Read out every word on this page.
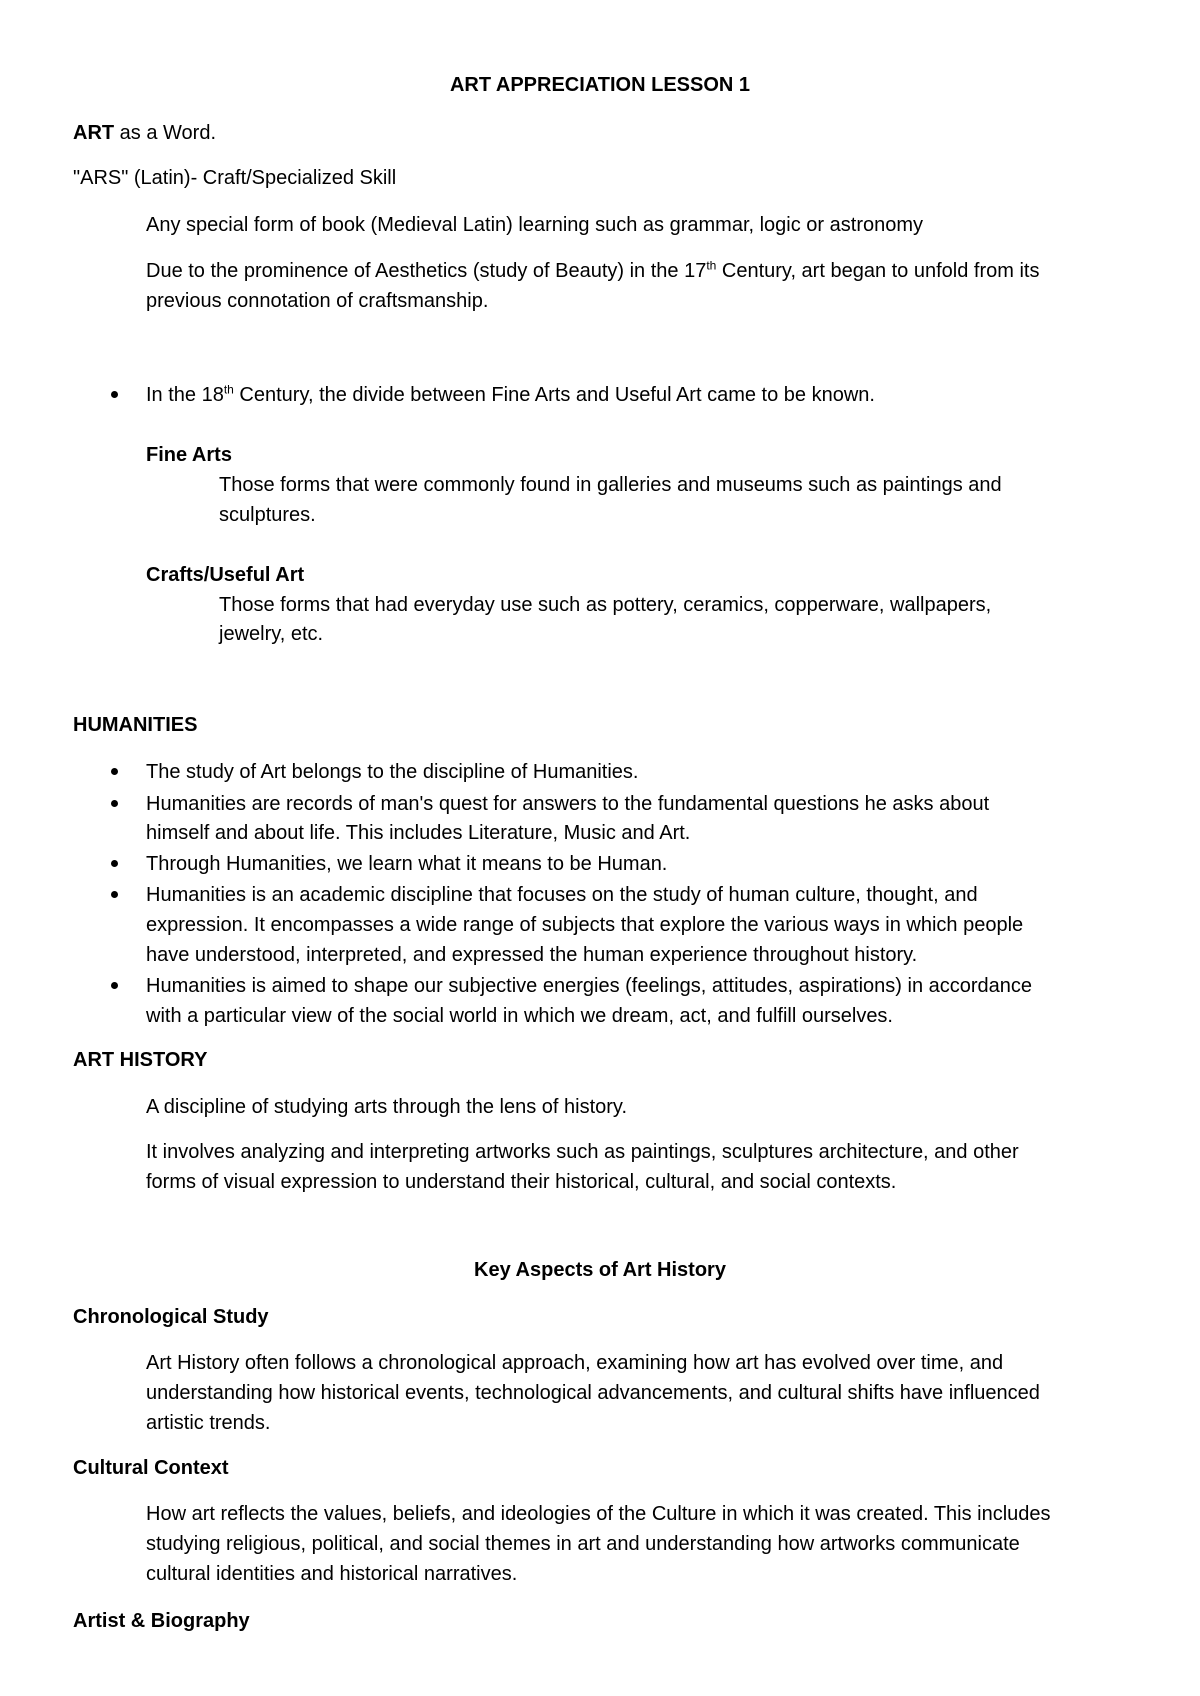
ART APPRECIATION LESSON 1
ART as a Word.
"ARS" (Latin)- Craft/Specialized Skill
Any special form of book (Medieval Latin) learning such as grammar, logic or astronomy
Due to the prominence of Aesthetics (study of Beauty) in the 17th Century, art began to unfold from its
previous connotation of craftsmanship.
In the 18th Century, the divide between Fine Arts and Useful Art came to be known.
Fine Arts
Those forms that were commonly found in galleries and museums such as paintings and
sculptures.
Crafts/Useful Art
Those forms that had everyday use such as pottery, ceramics, copperware, wallpapers,
jewelry, etc.
HUMANITIES
The study of Art belongs to the discipline of Humanities.
Humanities are records of man's quest for answers to the fundamental questions he asks about
himself and about life. This includes Literature, Music and Art.
Through Humanities, we learn what it means to be Human.
Humanities is an academic discipline that focuses on the study of human culture, thought, and
expression. It encompasses a wide range of subjects that explore the various ways in which people
have understood, interpreted, and expressed the human experience throughout history.
Humanities is aimed to shape our subjective energies (feelings, attitudes, aspirations) in accordance
with a particular view of the social world in which we dream, act, and fulfill ourselves.
ART HISTORY
A discipline of studying arts through the lens of history.
It involves analyzing and interpreting artworks such as paintings, sculptures architecture, and other
forms of visual expression to understand their historical, cultural, and social contexts.
Key Aspects of Art History
Chronological Study
Art History often follows a chronological approach, examining how art has evolved over time, and
understanding how historical events, technological advancements, and cultural shifts have influenced
artistic trends.
Cultural Context
How art reflects the values, beliefs, and ideologies of the Culture in which it was created. This includes
studying religious, political, and social themes in art and understanding how artworks communicate
cultural identities and historical narratives.
Artist & Biography
